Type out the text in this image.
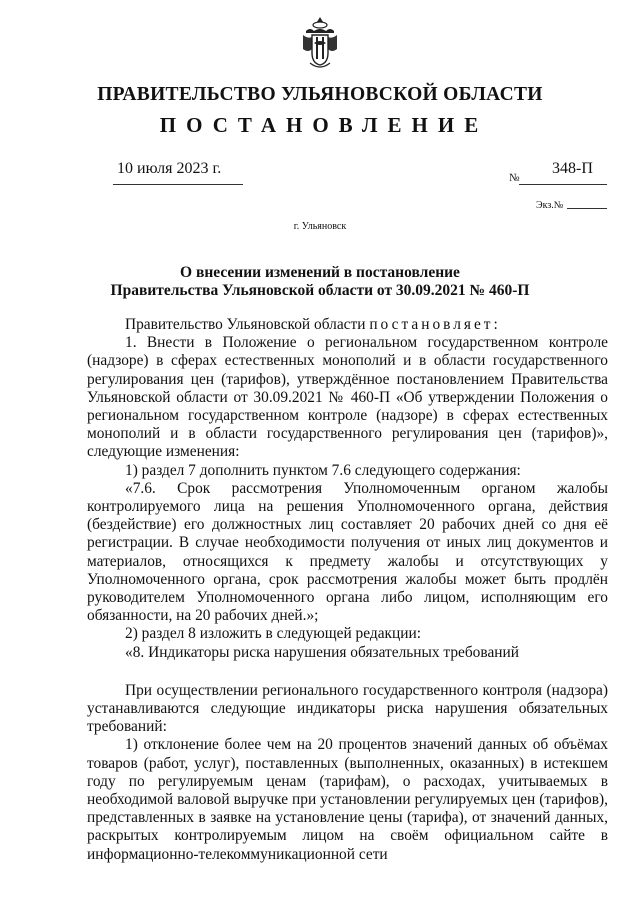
ПРАВИТЕЛЬСТВО УЛЬЯНОВСКОЙ ОБЛАСТИ
ПОСТАНОВЛЕНИЕ
10 июля 2023 г.
№
348-П
Экз.№
г. Ульяновск
О внесении изменений в постановление
Правительства Ульяновской области от 30.09.2021 № 460-П

Правительство Ульяновской области постановляет:

1. Внести в Положение о региональном государственном контроле (надзоре) в сферах естественных монополий и в области государственного регулирования цен (тарифов), утверждённое постановлением Правительства Ульяновской области от 30.09.2021 № 460-П «Об утверждении Положения о региональном государственном контроле (надзоре) в сферах естественных монополий и в области государственного регулирования цен (тарифов)», следующие изменения:

1) раздел 7 дополнить пунктом 7.6 следующего содержания:

«7.6. Срок рассмотрения Уполномоченным органом жалобы контролируемого лица на решения Уполномоченного органа, действия (бездействие) его должностных лиц составляет 20 рабочих дней со дня её регистрации. В случае необходимости получения от иных лиц документов и материалов, относящихся к предмету жалобы и отсутствующих у Уполномоченного органа, срок рассмотрения жалобы может быть продлён руководителем Уполномоченного органа либо лицом, исполняющим его обязанности, на 20 рабочих дней.»;

2) раздел 8 изложить в следующей редакции:

«8. Индикаторы риска нарушения обязательных требований

При осуществлении регионального государственного контроля (надзора) устанавливаются следующие индикаторы риска нарушения обязательных требований:

1) отклонение более чем на 20 процентов значений данных об объёмах товаров (работ, услуг), поставленных (выполненных, оказанных) в истекшем году по регулируемым ценам (тарифам), о расходах, учитываемых в необходимой валовой выручке при установлении регулируемых цен (тарифов), представленных в заявке на установление цены (тарифа), от значений данных, раскрытых контролируемым лицом на своём официальном сайте в информационно-телекоммуникационной сети
